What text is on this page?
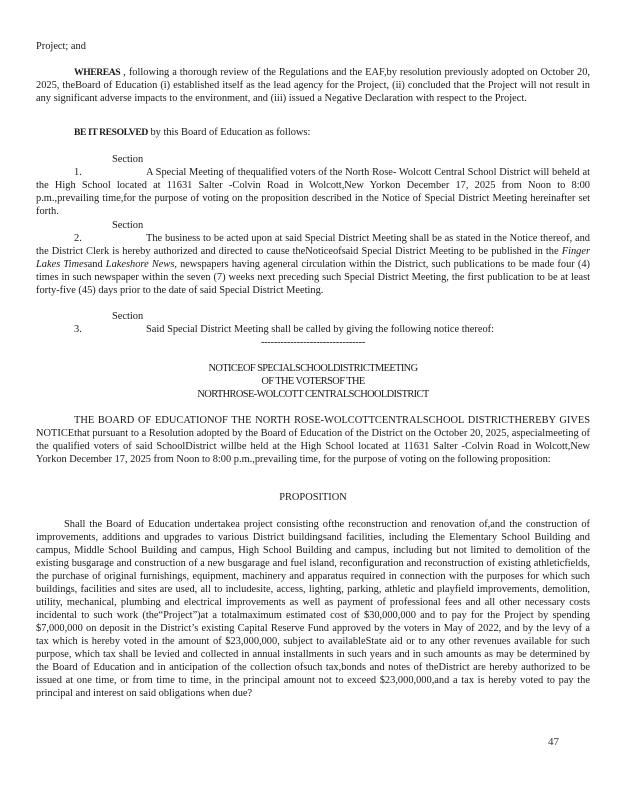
Project; and

WHEREAS , following a thorough review of the Regulations and the EAF,by resolution previously adopted on October 20, 2025, theBoard of Education (i) established itself as the lead agency for the Project, (ii) concluded that the Project will not result in any significant adverse impacts to the environment, and (iii) issued a Negative Declaration with respect to the Project.

BE IT RESOLVED by this Board of Education as follows:

Section 1.	A Special Meeting of thequalified voters of the North Rose- Wolcott Central School District will beheld at the High School located at 11631 Salter -Colvin Road in Wolcott,New Yorkon December 17, 2025 from Noon to 8:00 p.m.,prevailing time,for the purpose of voting on the proposition described in the Notice of Special District Meeting hereinafter set forth.

Section 2.	The business to be acted upon at said Special District Meeting shall be as stated in the Notice thereof, and the District Clerk is hereby authorized and directed to cause theNoticeofsaid Special District Meeting to be published in the Finger Lakes Timesand Lakeshore News, newspapers having ageneral circulation within the District, such publications to be made four (4) times in such newspaper within the seven (7) weeks next preceding such Special District Meeting, the first publication to be at least forty-five (45) days prior to the date of said Special District Meeting.

Section 3.	Said Special District Meeting shall be called by giving the following notice thereof:

--------------------------------

NOTICEOF SPECIALSCHOOLDISTRICTMEETING
OF THE VOTERSOF THE
NORTHROSE-WOLCOTT CENTRALSCHOOLDISTRICT

THE BOARD OF EDUCATIONOF THE NORTH ROSE-WOLCOTTCENTRALSCHOOL DISTRICTHEREBY GIVES NOTICEthat pursuant to a Resolution adopted by the Board of Education of the District on the October 20, 2025, aspecialmeeting of the qualified voters of said SchoolDistrict willbe held at the High School located at 11631 Salter -Colvin Road in Wolcott,New Yorkon December 17, 2025 from Noon to 8:00 p.m.,prevailing time, for the purpose of voting on the following proposition:

PROPOSITION

Shall the Board of Education undertakea project consisting ofthe reconstruction and renovation of,and the construction of improvements, additions and upgrades to various District buildingsand facilities, including the Elementary School Building and campus, Middle School Building and campus, High School Building and campus, including but not limited to demolition of the existing busgarage and construction of a new busgarage and fuel island, reconfiguration and reconstruction of existing athleticfields, the purchase of original furnishings, equipment, machinery and apparatus required in connection with the purposes for which such buildings, facilities and sites are used, all to includesite, access, lighting, parking, athletic and playfield improvements, demolition, utility, mechanical, plumbing and electrical improvements as well as payment of professional fees and all other necessary costs incidental to such work (the“Project”)at a totalmaximum estimated cost of $30,000,000 and to pay for the Project by spending $7,000,000 on deposit in the District’s existing Capital Reserve Fund approved by the voters in May of 2022, and by the levy of a tax which is hereby voted in the amount of $23,000,000, subject to availableState aid or to any other revenues available for such purpose, which tax shall be levied and collected in annual installments in such years and in such amounts as may be determined by the Board of Education and in anticipation of the collection ofsuch tax,bonds and notes of theDistrict are hereby authorized to be issued at one time, or from time to time, in the principal amount not to exceed $23,000,000,and a tax is hereby voted to pay the principal and interest on said obligations when due?

47
